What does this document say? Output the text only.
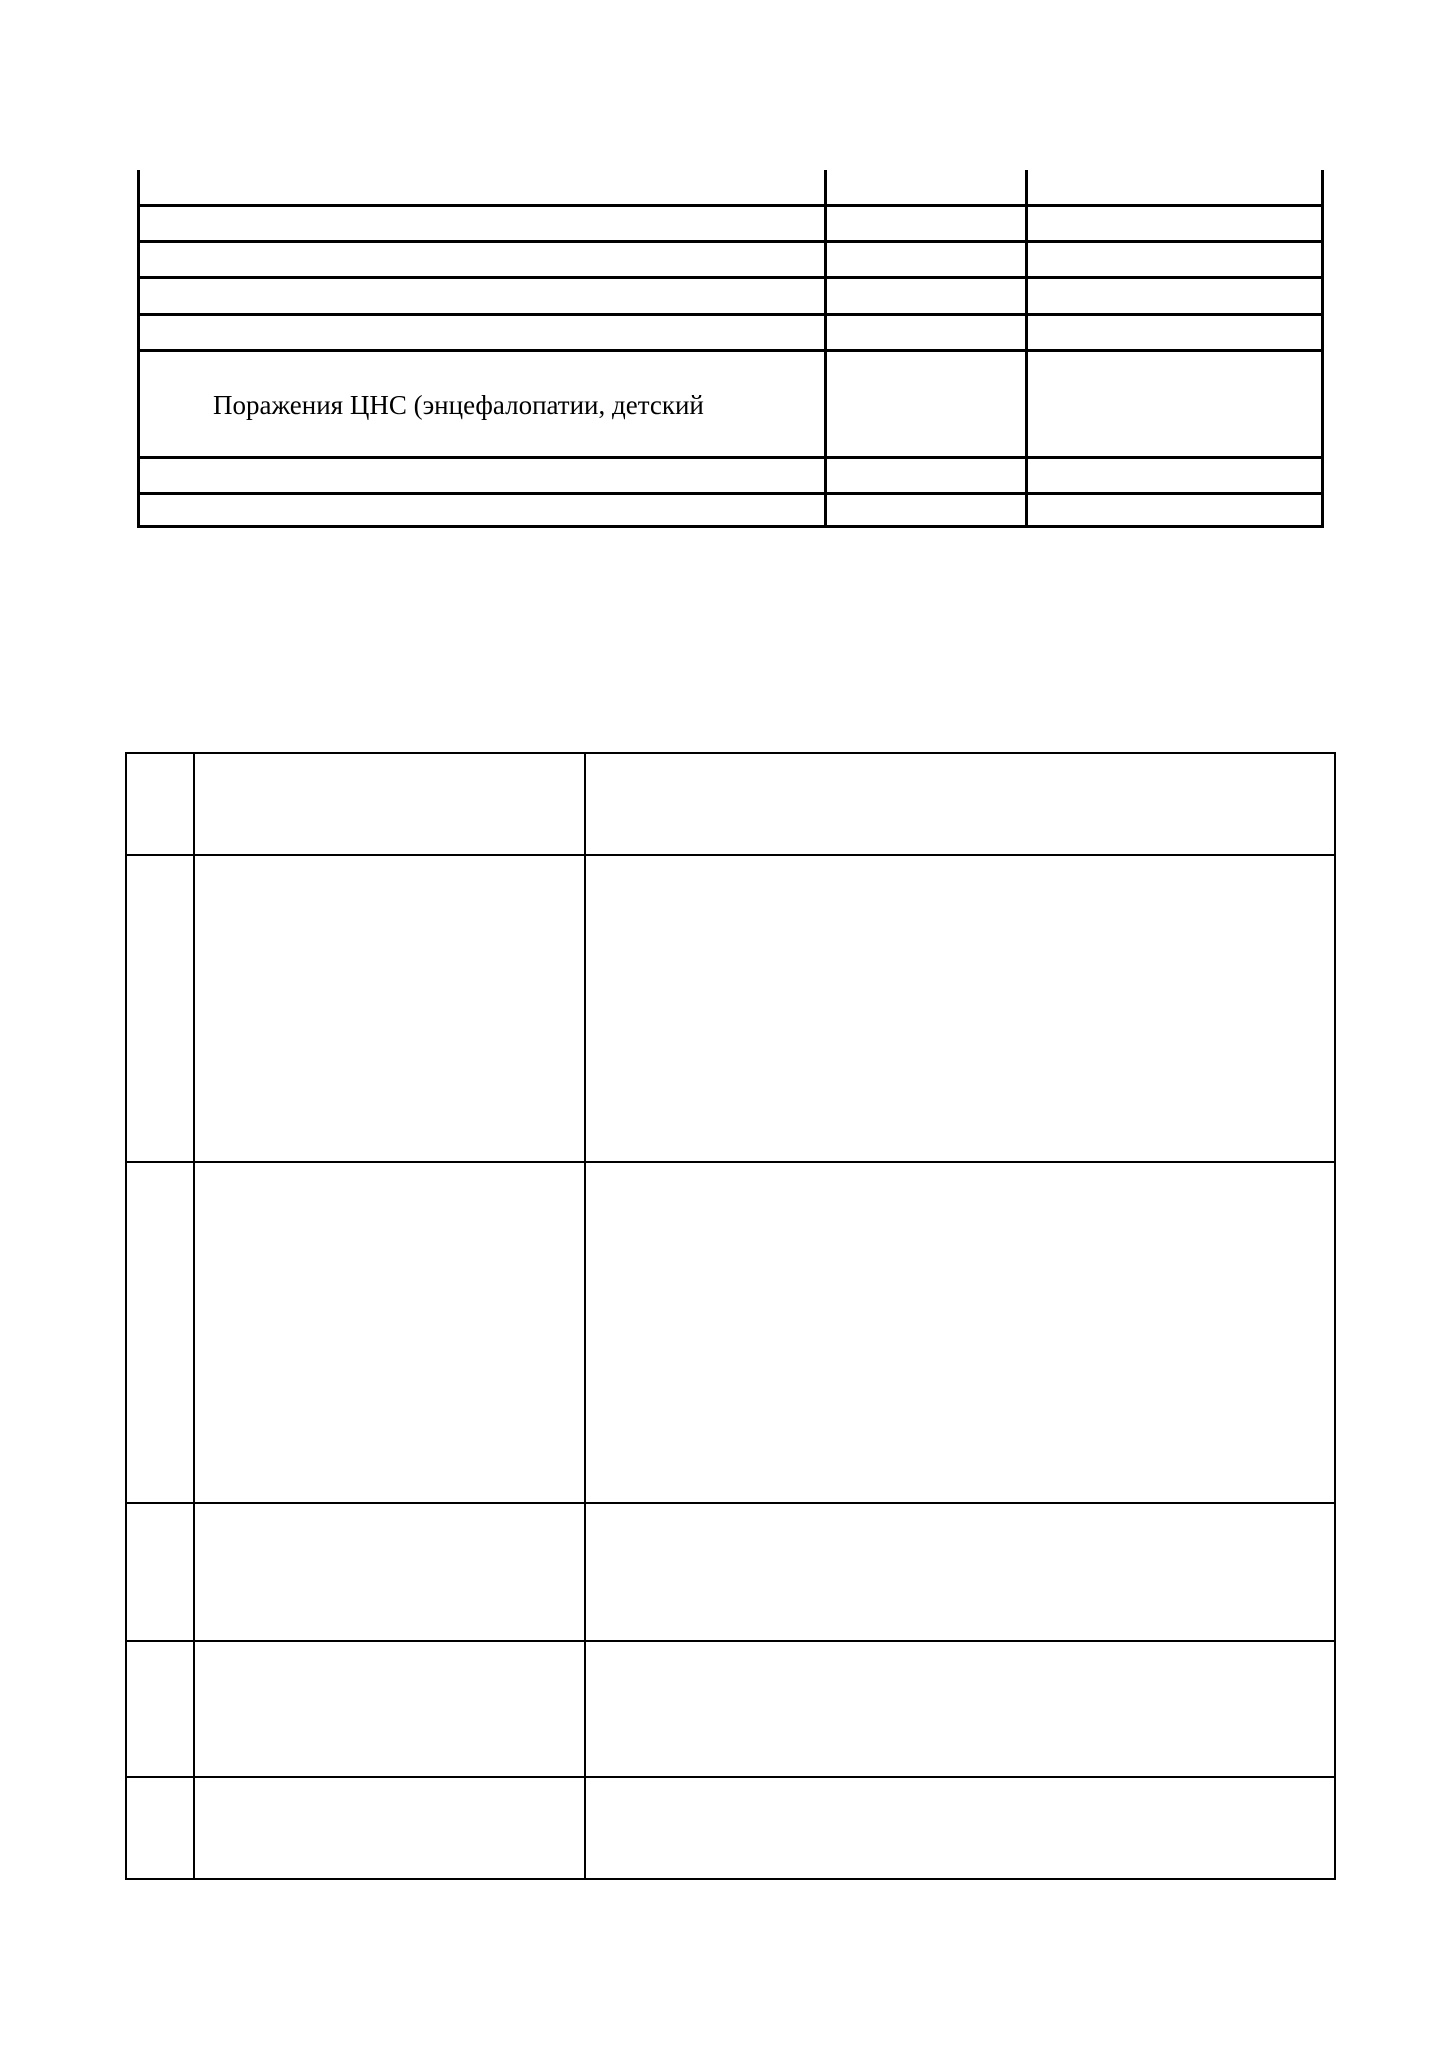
Поражения ЦНС (энцефалопатии, детский
